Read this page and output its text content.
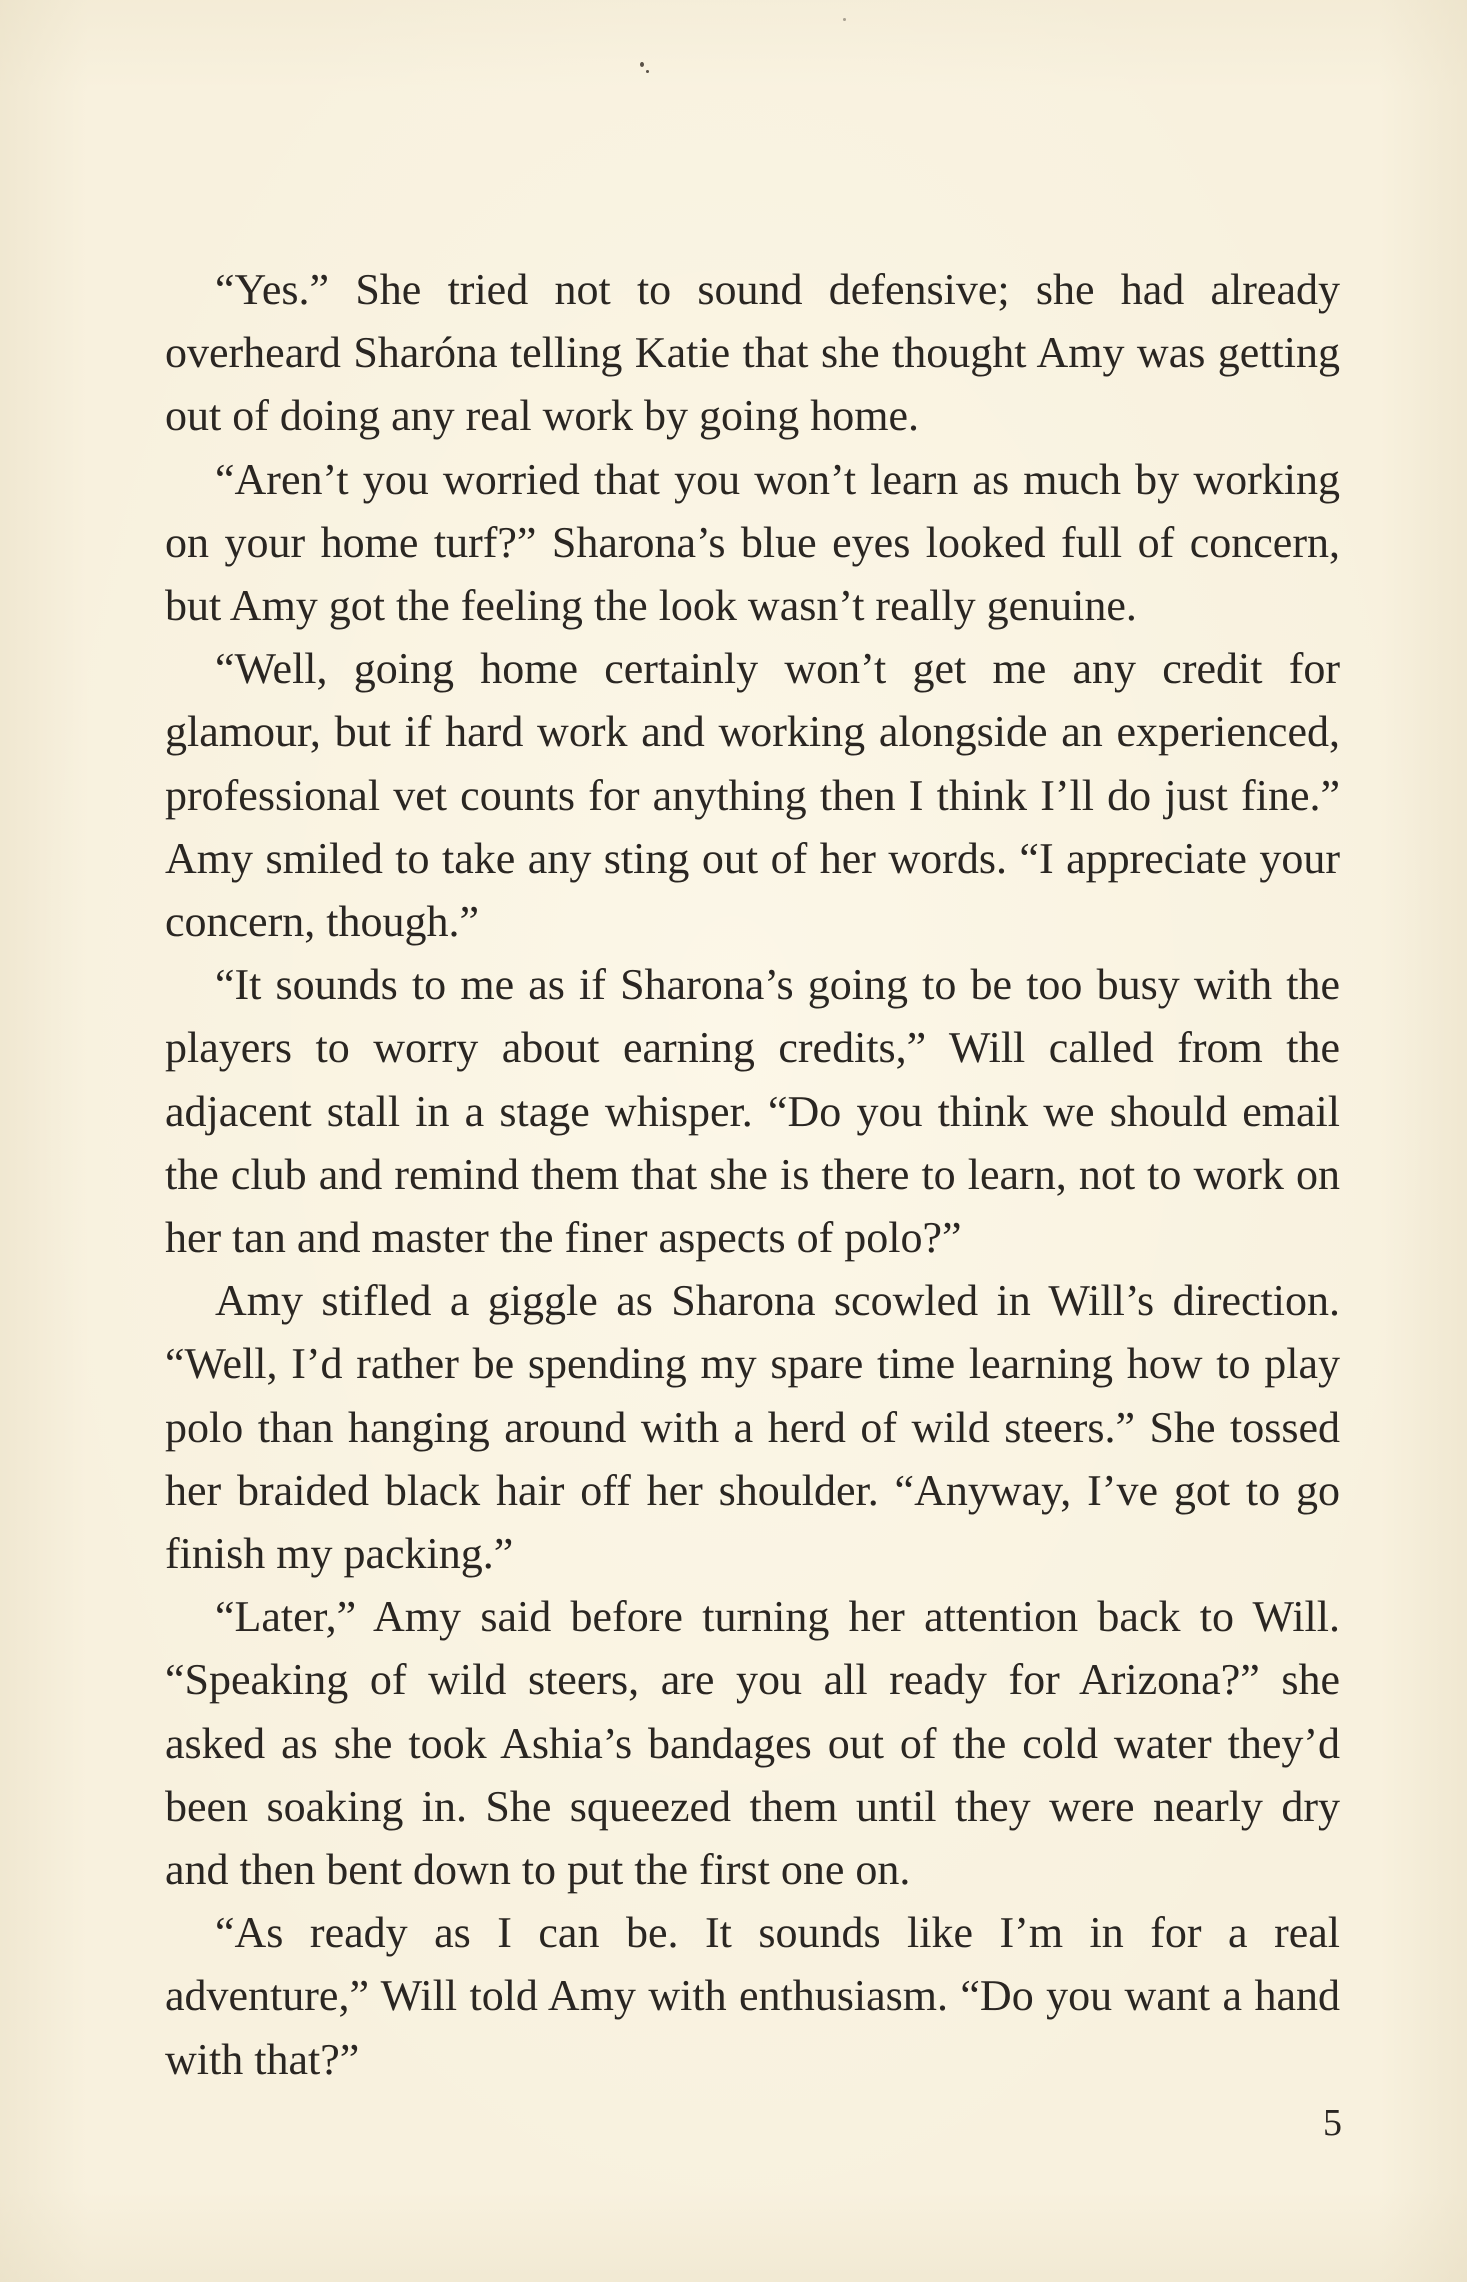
“Yes.” She tried not to sound defensive; she had already overheard Sharóna telling Katie that she thought Amy was getting out of doing any real work by going home.

“Aren’t you worried that you won’t learn as much by working on your home turf?” Sharona’s blue eyes looked full of concern, but Amy got the feeling the look wasn’t really genuine.

“Well, going home certainly won’t get me any credit for glamour, but if hard work and working alongside an experienced, professional vet counts for anything then I think I’ll do just fine.” Amy smiled to take any sting out of her words. “I appreciate your concern, though.”

“It sounds to me as if Sharona’s going to be too busy with the players to worry about earning credits,” Will called from the adjacent stall in a stage whisper. “Do you think we should email the club and remind them that she is there to learn, not to work on her tan and master the finer aspects of polo?”

Amy stifled a giggle as Sharona scowled in Will’s direction. “Well, I’d rather be spending my spare time learning how to play polo than hanging around with a herd of wild steers.” She tossed her braided black hair off her shoulder. “Anyway, I’ve got to go finish my packing.”

“Later,” Amy said before turning her attention back to Will. “Speaking of wild steers, are you all ready for Arizona?” she asked as she took Ashia’s bandages out of the cold water they’d been soaking in. She squeezed them until they were nearly dry and then bent down to put the first one on.

“As ready as I can be. It sounds like I’m in for a real adventure,” Will told Amy with enthusiasm. “Do you want a hand with that?”

5
